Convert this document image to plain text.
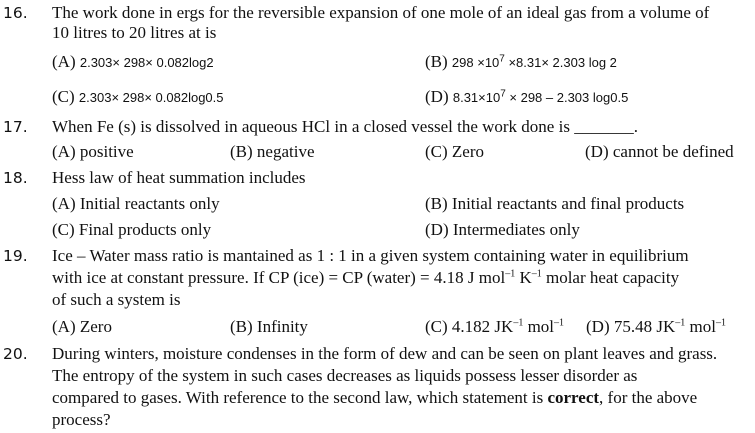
16. The work done in ergs for the reversible expansion of one mole of an ideal gas from a volume of
10 litres to 20 litres at is
(A) 2.303× 298× 0.082log2	(B) $298 \times 10^7 \times 8.31\times 2.303$ log 2
(C) 2.303× 298× 0.082log0.5	(D) $8.31\times 10^7 \times 298 - 2.303$ log0.5
17. When Fe (s) is dissolved in aqueous HCl in a closed vessel the work done is _______.
(A) positive	(B) negative	(C) Zero	(D) cannot be defined
18. Hess law of heat summation includes
(A) Initial reactants only	(B) Initial reactants and final products
(C) Final products only	(D) Intermediates only
19. Ice – Water mass ratio is mantained as 1 : 1 in a given system containing water in equilibrium
with ice at constant pressure. If CP (ice) = CP (water) = 4.18 J mol$^{-1}$ $K^{-1}$ molar heat capacity
of such a system is
(A) Zero	(B) Infinity	(C) 4.182 $JK^{-1}$ mol$^{-1}$ (D) 75.48 $JK^{-1}$ mol$^{-1}$
20. During winters, moisture condenses in the form of dew and can be seen on plant leaves and grass.
The entropy of the system in such cases decreases as liquids possess lesser disorder as
compared to gases. With reference to the second law, which statement is correct, for the above
process?
